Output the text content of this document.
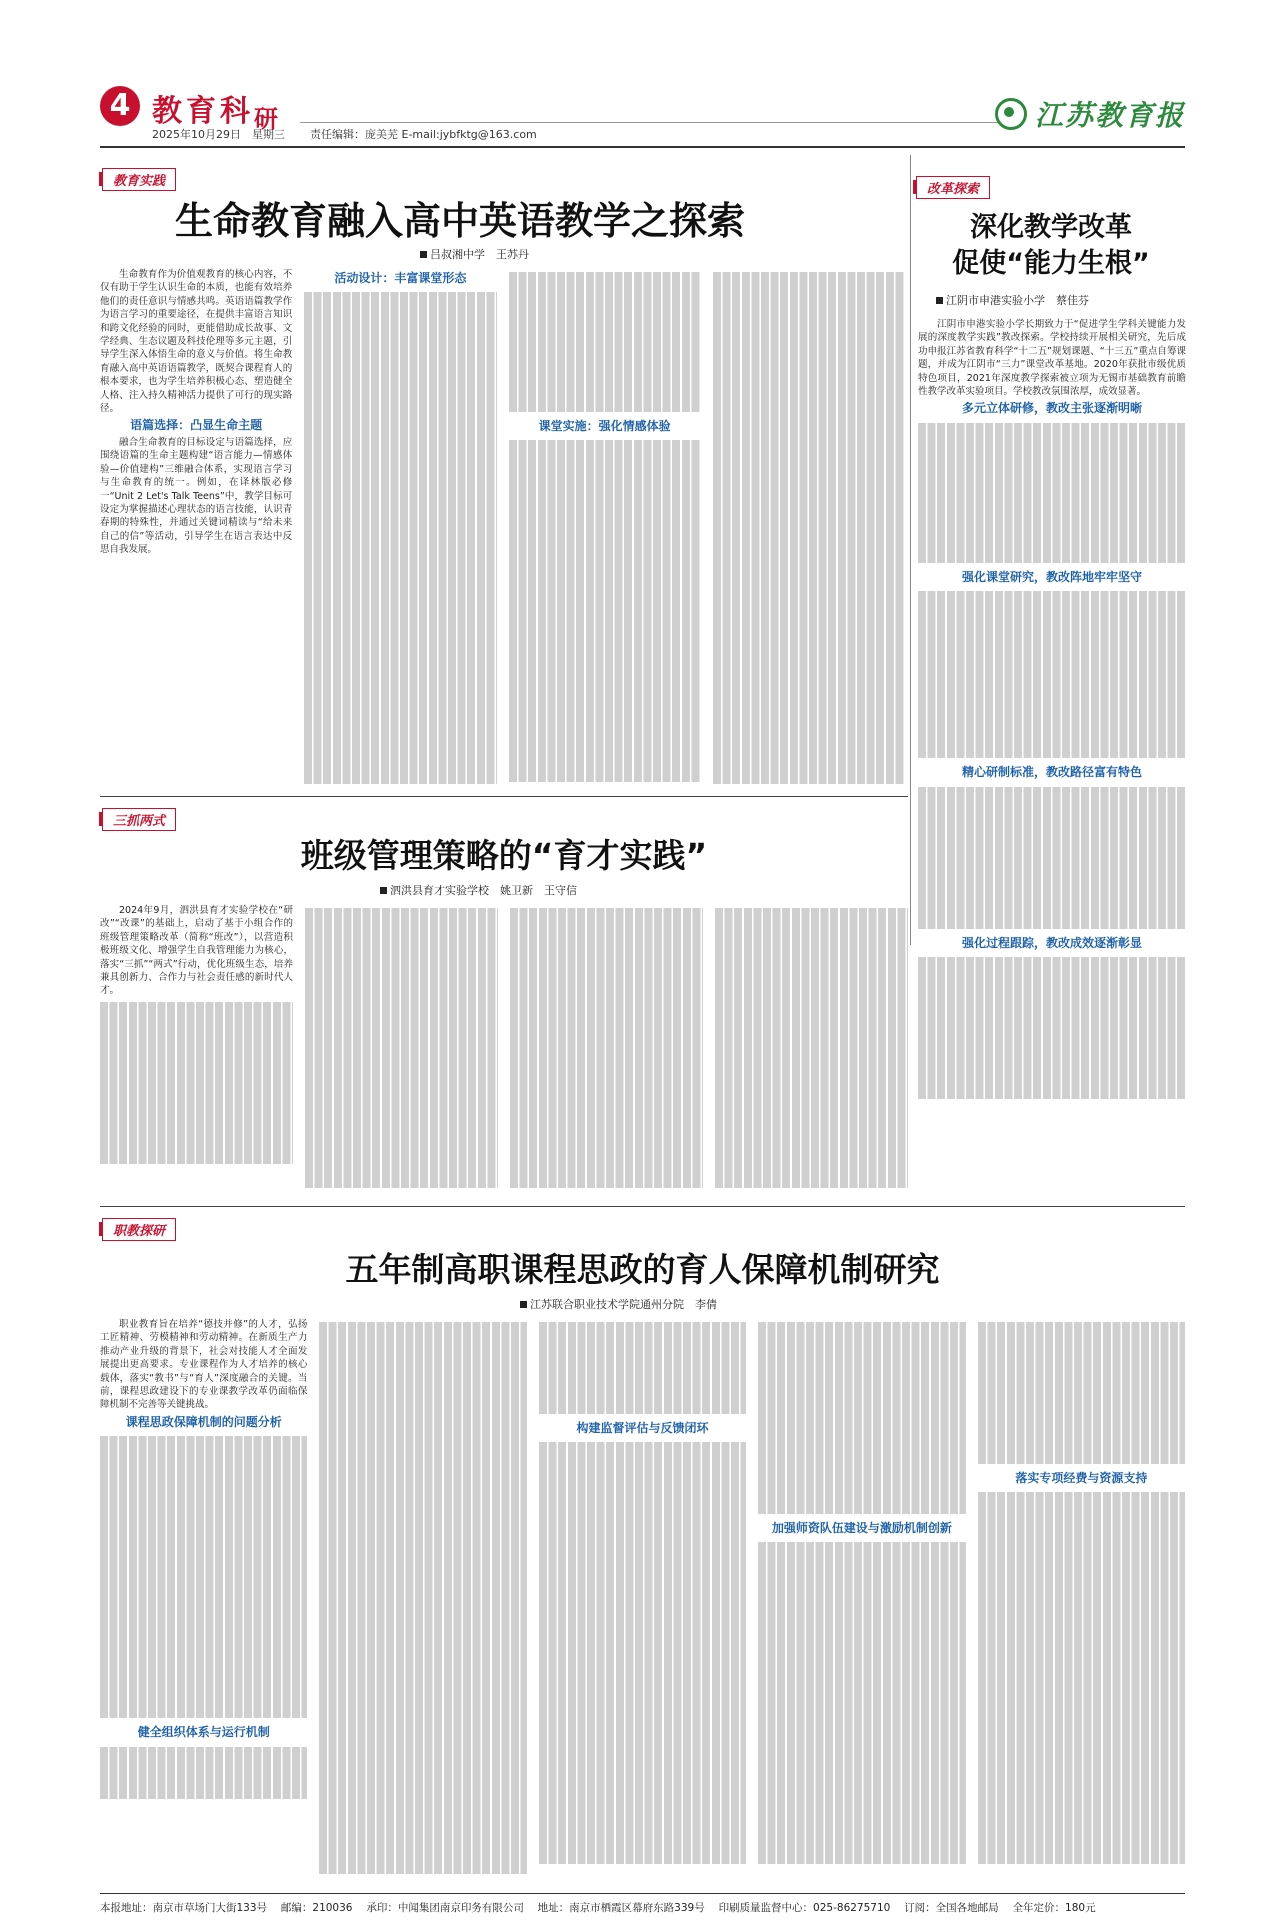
4 教育科$_研$
2025年10月29日　星期三 责任编辑：庞美芜 E-mail:jybfktg@163.com
江苏教育报
教育实践
生命教育融入高中英语教学之探索
吕叔湘中学　 王苏丹

生命教育作为价值观教育的核心内容，不仅有助于学生认识生命的本质，也能有效培养他们的责任意识与情感共鸣。英语语篇教学作为语言学习的重要途径，在提供丰富语言知识和跨文化经验的同时，更能借助成长故事、文学经典、生态议题及科技伦理等多元主题，引导学生深入体悟生命的意义与价值。将生命教育融入高中英语语篇教学，既契合课程育人的根本要求，也为学生培养积极心态、塑造健全人格、注入持久精神活力提供了可行的现实路径。

语篇选择：凸显生命主题

融合生命教育的目标设定与语篇选择，应围绕语篇的生命主题构建“语言能力—情感体验—价值建构”三维融合体系，实现语言学习与生命教育的统一。例如，在译林版必修一“Unit 2 Let's Talk Teens”中，教学目标可设定为掌握描述心理状态的语言技能，认识青春期的特殊性，并通过关键词精读与“给未来自己的信”等活动，引导学生在语言表达中反思自我发展。

活动设计：丰富课堂形态
课堂实施：强化情感体验
改革探索
深化教学改革
促使“能力生根”
江阴市申港实验小学　 蔡佳芬

江阴市申港实验小学长期致力于“促进学生学科关键能力发展的深度教学实践”教改探索。学校持续开展相关研究，先后成功申报江苏省教育科学“十二五”规划课题、“十三五”重点自筹课题，并成为江阴市“三力”课堂改革基地。2020年获批市级优质特色项目，2021年深度教学探索被立项为无锡市基础教育前瞻性教学改革实验项目。学校教改氛围浓厚，成效显著。

多元立体研修，教改主张逐渐明晰
强化课堂研究，教改阵地牢牢坚守
精心研制标准，教改路径富有特色
强化过程跟踪，教改成效逐渐彰显
三抓两式
班级管理策略的“育才实践”
泗洪县育才实验学校　 姚卫新　王守信

2024年9月，泗洪县育才实验学校在“研改”“改课”的基础上，启动了基于小组合作的班级管理策略改革（简称“班改”），以营造积极班级文化、增强学生自我管理能力为核心，落实“三抓”“两式”行动，优化班级生态，培养兼具创新力、合作力与社会责任感的新时代人才。

职教探研
五年制高职课程思政的育人保障机制研究
江苏联合职业技术学院通州分院　 李倩

职业教育旨在培养“德技并修”的人才，弘扬工匠精神、劳模精神和劳动精神。在新质生产力推动产业升级的背景下，社会对技能人才全面发展提出更高要求。专业课程作为人才培养的核心载体，落实“教书”与“育人”深度融合的关键。当前，课程思政建设下的专业课教学改革仍面临保障机制不完善等关键挑战。

课程思政保障机制的问题分析
健全组织体系与运行机制
构建监督评估与反馈闭环
加强师资队伍建设与激励机制创新
落实专项经费与资源支持
本报地址：南京市草场门大街133号　 邮编：210036　 承印：中闻集团南京印务有限公司　 地址：南京市栖霞区幕府东路339号　 印刷质量监督中心：025-86275710　 订阅：全国各地邮局　 全年定价：180元
